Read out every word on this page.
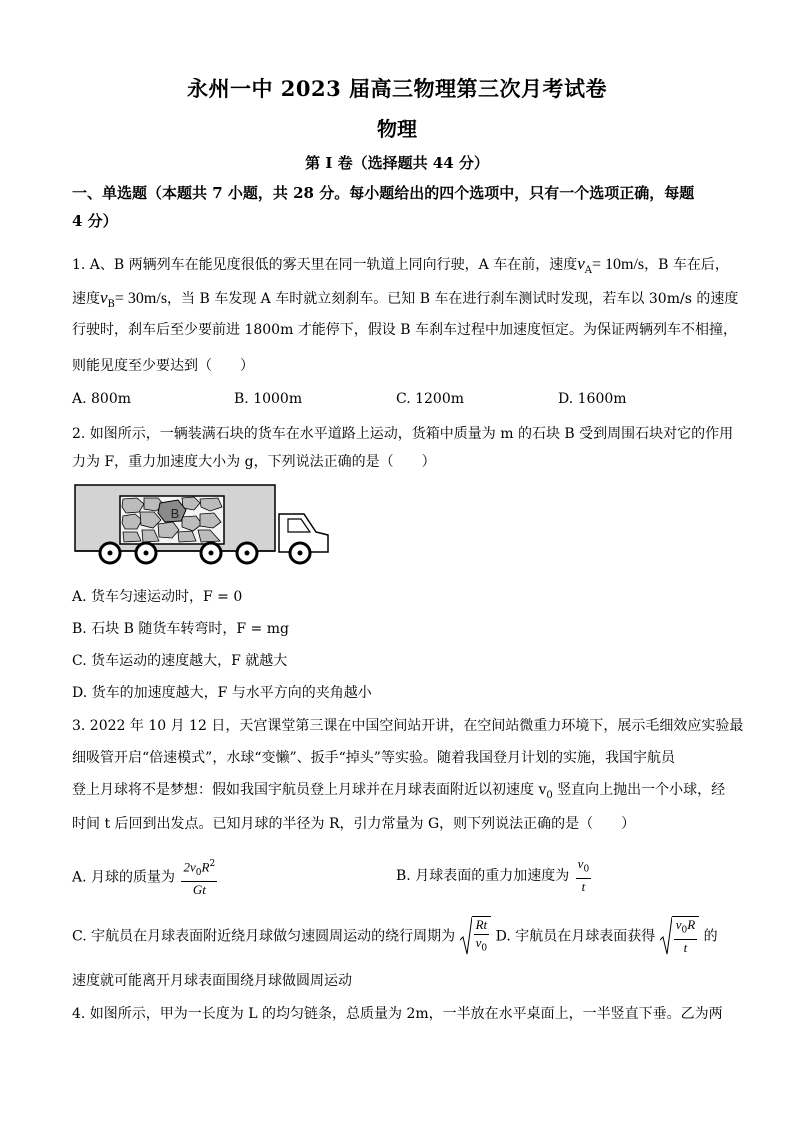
永州一中 2023 届高三物理第三次月考试卷
物理
第 I 卷（选择题共 44 分）
一、单选题（本题共 7 小题，共 28 分。每小题给出的四个选项中，只有一个选项正确，每题
4 分）
1. A、B 两辆列车在能见度很低的雾天里在同一轨道上同向行驶，A 车在前，速度$v_A= 10m/s$，B 车在后，
速度$v_B= 30m/s$，当 B 车发现 A 车时就立刻刹车。已知 B 车在进行刹车测试时发现，若车以 30m/s 的速度
行驶时，刹车后至少要前进 1800m 才能停下，假设 B 车刹车过程中加速度恒定。为保证两辆列车不相撞，
则能见度至少要达到（　　）
A. 800m	B. 1000m	C. 1200m	D. 1600m
2. 如图所示，一辆装满石块的货车在水平道路上运动，货箱中质量为 m 的石块 B 受到周围石块对它的作用
力为 F，重力加速度大小为 g，下列说法正确的是（　　）
B
A. 货车匀速运动时，F = 0
B. 石块 B 随货车转弯时，F = mg
C. 货车运动的速度越大，F 就越大
D. 货车的加速度越大，F 与水平方向的夹角越小
3. 2022 年 10 月 12 日，天宫课堂第三课在中国空间站开讲，在空间站微重力环境下，展示毛细效应实验最
细吸管开启“倍速模式”，水球“变懒”、扳手“掉头”等实验。随着我国登月计划的实施，我国宇航员
登上月球将不是梦想：假如我国宇航员登上月球并在月球表面附近以初速度 $v_0$ 竖直向上抛出一个小球，经
时间 t 后回到出发点。已知月球的半径为 R，引力常量为 G，则下列说法正确的是（　　）
A. 月球的质量为 $\frac{2v_0R^2}{Gt}$	B. 月球表面的重力加速度为 $\frac{v_0}{t}$
C. 宇航员在月球表面附近绕月球做匀速圆周运动的绕行周期为 $\frac{Rt}{v_0} D$. 宇航员在月球表面获得 $\frac{v_0R}{t}$ 的
速度就可能离开月球表面围绕月球做圆周运动
4. 如图所示，甲为一长度为 L 的均匀链条，总质量为 2m，一半放在水平桌面上，一半竖直下垂。乙为两
